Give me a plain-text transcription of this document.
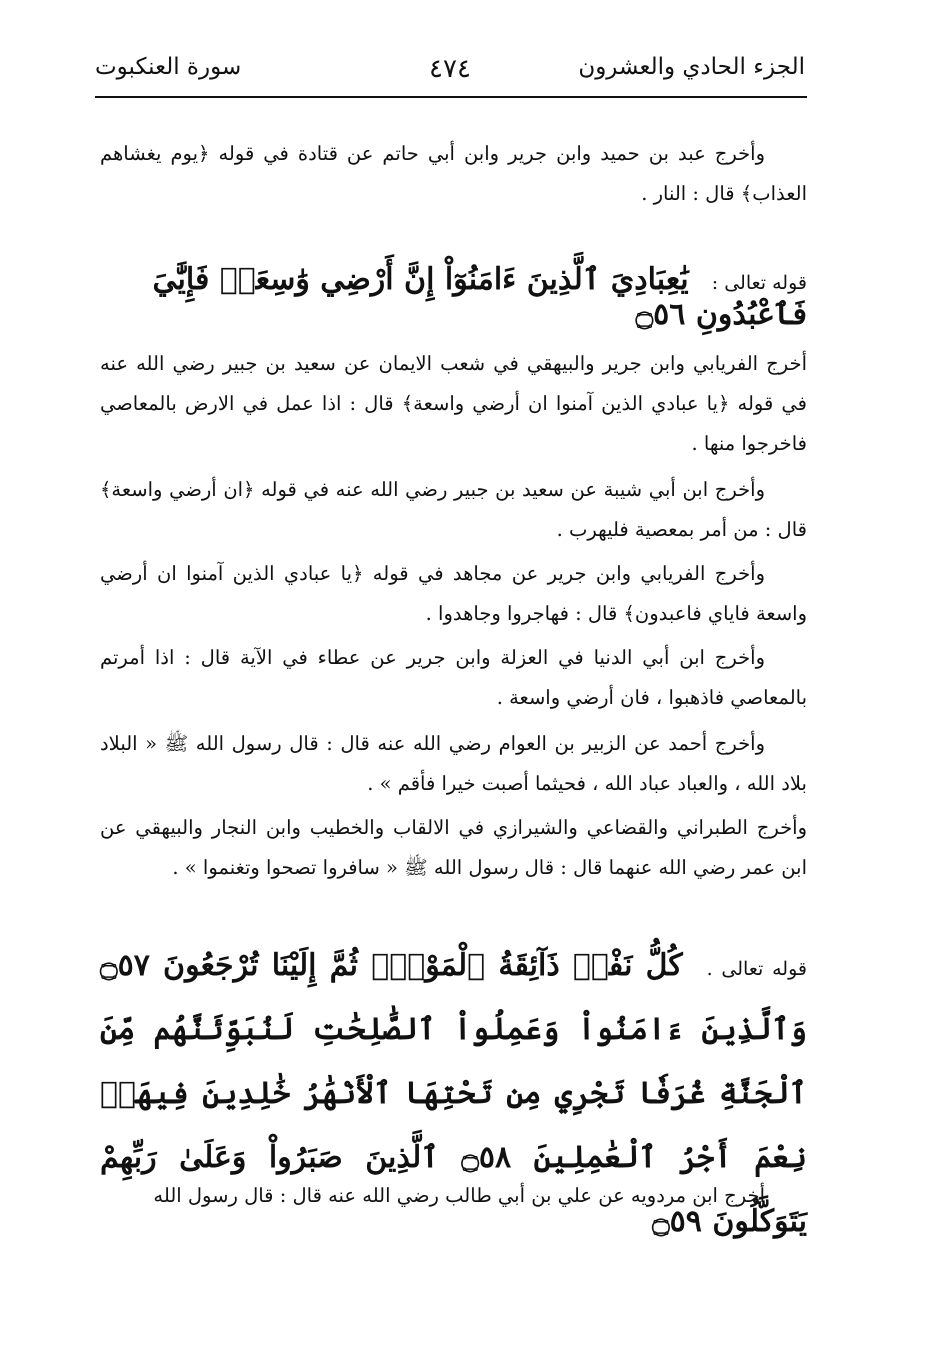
الجزء الحادي والعشرون
٤٧٤
سورة العنكبوت
وأخرج عبد بن حميد وابن جرير وابن أبي حاتم عن قتادة في قوله ﴿يوم يغشاهم العذاب﴾ قال : النار .
قوله تعالى : يَٰعِبَادِيَ ٱلَّذِينَ ءَامَنُوٓاْ إِنَّ أَرْضِي وَٰسِعَةٞ فَإِيَّٰيَ فَٱعْبُدُونِ ۝٥٦
أخرج الفريابي وابن جرير والبيهقي في شعب الايمان عن سعيد بن جبير رضي الله عنه في قوله ﴿يا عبادي الذين آمنوا ان أرضي واسعة﴾ قال : اذا عمل في الارض بالمعاصي فاخرجوا منها .
وأخرج ابن أبي شيبة عن سعيد بن جبير رضي الله عنه في قوله ﴿ان أرضي واسعة﴾ قال : من أمر بمعصية فليهرب .
وأخرج الفريابي وابن جرير عن مجاهد في قوله ﴿يا عبادي الذين آمنوا ان أرضي واسعة فاياي فاعبدون﴾ قال : فهاجروا وجاهدوا .
وأخرج ابن أبي الدنيا في العزلة وابن جرير عن عطاء في الآية قال : اذا أمرتم بالمعاصي فاذهبوا ، فان أرضي واسعة .
وأخرج أحمد عن الزبير بن العوام رضي الله عنه قال : قال رسول الله ﷺ « البلاد بلاد الله ، والعباد عباد الله ، فحيثما أصبت خيرا فأقم » .
وأخرج الطبراني والقضاعي والشيرازي في الالقاب والخطيب وابن النجار والبيهقي عن ابن عمر رضي الله عنهما قال : قال رسول الله ﷺ « سافروا تصحوا وتغنموا » .
قوله تعالى . كُلُّ نَفْسٖ ذَآئِقَةُ ٱلْمَوْتِۖ ثُمَّ إِلَيْنَا تُرْجَعُونَ ۝٥٧ وَٱلَّذِينَ ءَامَنُواْ وَعَمِلُواْ ٱلصَّٰلِحَٰتِ لَنُبَوِّئَنَّهُم مِّنَ ٱلْجَنَّةِ غُرَفٗا تَجْرِي مِن تَحْتِهَا ٱلْأَنْهَٰرُ خَٰلِدِينَ فِيهَاۚ نِعْمَ أَجْرُ ٱلْعَٰمِلِينَ ۝٥٨ ٱلَّذِينَ صَبَرُواْ وَعَلَىٰ رَبِّهِمْ يَتَوَكَّلُونَ ۝٥٩
أخرج ابن مردويه عن علي بن أبي طالب رضي الله عنه قال : قال رسول الله
